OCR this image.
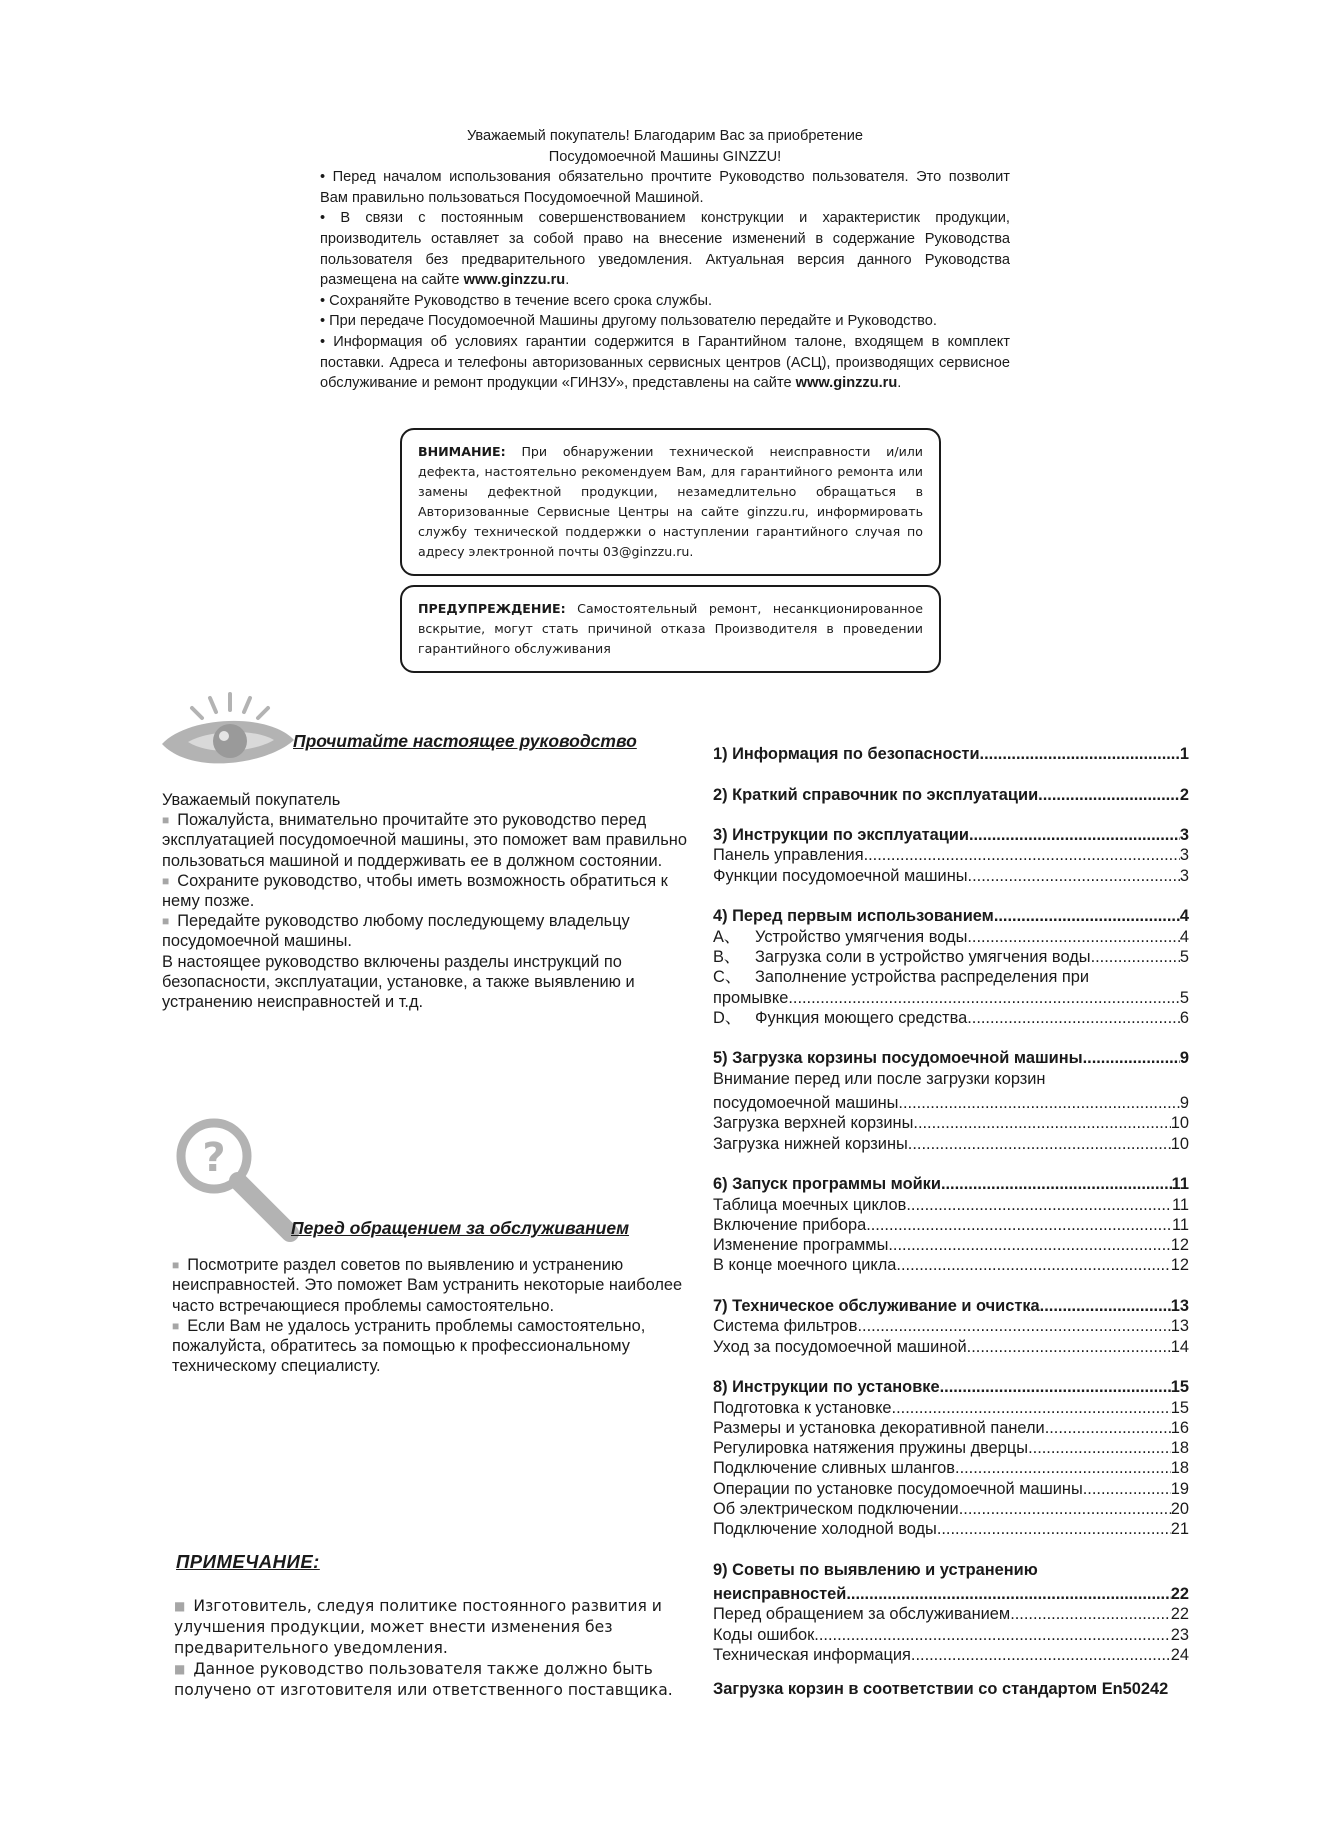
Уважаемый покупатель! Благодарим Вас за приобретение
Посудомоечной Машины GINZZU!
• Перед началом использования обязательно прочтите Руководство пользователя. Это позволит Вам правильно пользоваться Посудомоечной Машиной.
• В связи с постоянным совершенствованием конструкции и характеристик продукции, производитель оставляет за собой право на внесение изменений в содержание Руководства пользователя без предварительного уведомления. Актуальная версия данного Руководства размещена на сайте www.ginzzu.ru.
• Сохраняйте Руководство в течение всего срока службы.
• При передаче Посудомоечной Машины другому пользователю передайте и Руководство.
• Информация об условиях гарантии содержится в Гарантийном талоне, входящем в комплект поставки. Адреса и телефоны авторизованных сервисных центров (АСЦ), производящих сервисное обслуживание и ремонт продукции «ГИНЗУ», представлены на сайте www.ginzzu.ru.
ВНИМАНИЕ: При обнаружении технической неисправности и/или дефекта, настоятельно рекомендуем Вам, для гарантийного ремонта или замены дефектной продукции, незамедлительно обращаться в Авторизованные Сервисные Центры на сайте ginzzu.ru, информировать службу технической поддержки о наступлении гарантийного случая по адресу электронной почты 03@ginzzu.ru.
ПРЕДУПРЕЖДЕНИЕ: Самостоятельный ремонт, несанкционированное вскрытие, могут стать причиной отказа Производителя в проведении гарантийного обслуживания
Прочитайте настоящее руководство
Уважаемый покупатель
■ Пожалуйста, внимательно прочитайте это руководство перед эксплуатацией посудомоечной машины, это поможет вам правильно пользоваться машиной и поддерживать ее в должном состоянии.
■ Сохраните руководство, чтобы иметь возможность обратиться к нему позже.
■ Передайте руководство любому последующему владельцу посудомоечной машины.
В настоящее руководство включены разделы инструкций по безопасности, эксплуатации, установке, а также выявлению и устранению неисправностей и т.д.
?
Перед обращением за обслуживанием
■ Посмотрите раздел советов по выявлению и устранению неисправностей. Это поможет Вам устранить некоторые наиболее часто встречающиеся проблемы самостоятельно.
■ Если Вам не удалось устранить проблемы самостоятельно, пожалуйста, обратитесь за помощью к профессиональному техническому специалисту.
ПРИМЕЧАНИЕ:
■ Изготовитель, следуя политике постоянного развития и улучшения продукции, может внести изменения без предварительного уведомления.
■ Данное руководство пользователя также должно быть получено от изготовителя или ответственного поставщика.
1) Информация по безопасности .....	.1
2) Краткий справочник по эксплуатации .....	2
3) Инструкции по эксплуатации .....	3
Панель управления .....	3
Функции посудомоечной машины .....	3
4) Перед первым использованием .....	4
A、 Устройство умягчения воды .....	4
B、 Загрузка соли в устройство умягчения воды .....	5
C、 Заполнение устройства распределения при
промывке .....	5
D、 Функция моющего средства .....	6
5) Загрузка корзины посудомоечной машины .....	9
Внимание перед или после загрузки корзин
посудомоечной машины .....	9
Загрузка верхней корзины .....	10
Загрузка нижней корзины .....	10
6) Запуск программы мойки .....	11
Таблица моечных циклов .....	11
Включение прибора .....	11
Изменение программы .....	12
В конце моечного цикла .....	12
7) Техническое обслуживание и очистка .....	13
Система фильтров .....	13
Уход за посудомоечной машиной .....	14
8) Инструкции по установке .....	15
Подготовка к установке .....	15
Размеры и установка декоративной панели .....	16
Регулировка натяжения пружины дверцы .....	18
Подключение сливных шлангов .....	18
Операции по установке посудомоечной машины .....	19
Об электрическом подключении .....	20
Подключение холодной воды .....	21
9) Советы по выявлению и устранению
неисправностей .....	22
Перед обращением за обслуживанием .....	22
Коды ошибок .....	23
Техническая информация .....	24
Загрузка корзин в соответствии со стандартом En50242
